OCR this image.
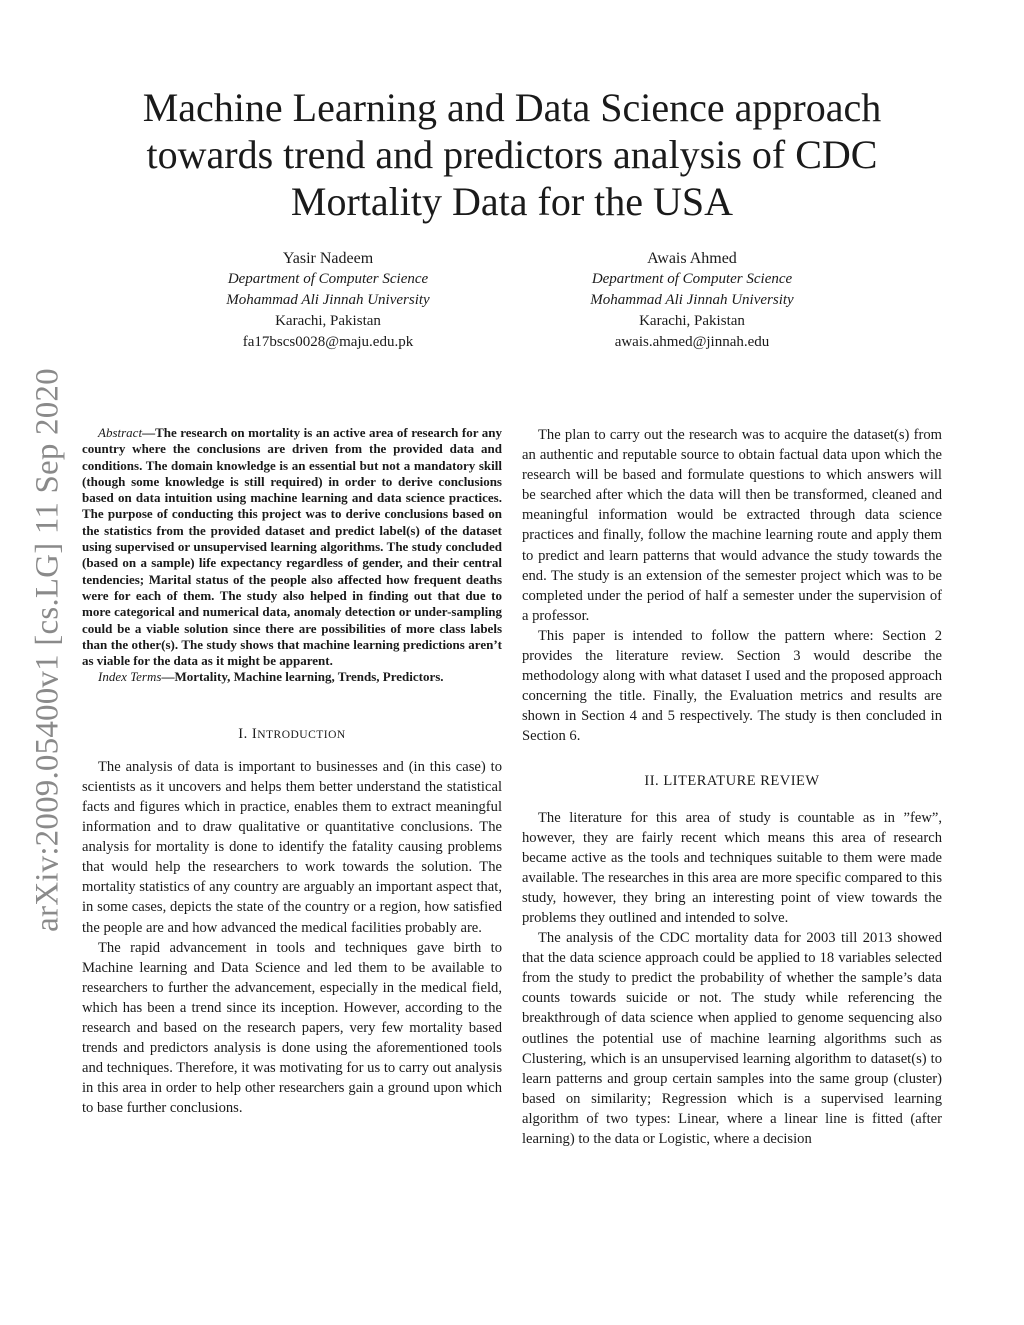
arXiv:2009.05400v1 [cs.LG] 11 Sep 2020
Machine Learning and Data Science approach towards trend and predictors analysis of CDC Mortality Data for the USA
Yasir Nadeem
Department of Computer Science
Mohammad Ali Jinnah University
Karachi, Pakistan
fa17bscs0028@maju.edu.pk
Awais Ahmed
Department of Computer Science
Mohammad Ali Jinnah University
Karachi, Pakistan
awais.ahmed@jinnah.edu

Abstract—The research on mortality is an active area of research for any country where the conclusions are driven from the provided data and conditions. The domain knowledge is an essential but not a mandatory skill (though some knowledge is still required) in order to derive conclusions based on data intuition using machine learning and data science practices. The purpose of conducting this project was to derive conclusions based on the statistics from the provided dataset and predict label(s) of the dataset using supervised or unsupervised learning algorithms. The study concluded (based on a sample) life expectancy regardless of gender, and their central tendencies; Marital status of the people also affected how frequent deaths were for each of them. The study also helped in finding out that due to more categorical and numerical data, anomaly detection or under-sampling could be a viable solution since there are possibilities of more class labels than the other(s). The study shows that machine learning predictions aren’t as viable for the data as it might be apparent.

Index Terms—Mortality, Machine learning, Trends, Predictors.

I. INTRODUCTION

The analysis of data is important to businesses and (in this case) to scientists as it uncovers and helps them better understand the statistical facts and figures which in practice, enables them to extract meaningful information and to draw qualitative or quantitative conclusions. The analysis for mortality is done to identify the fatality causing problems that would help the researchers to work towards the solution. The mortality statistics of any country are arguably an important aspect that, in some cases, depicts the state of the country or a region, how satisfied the people are and how advanced the medical facilities probably are.

The rapid advancement in tools and techniques gave birth to Machine learning and Data Science and led them to be available to researchers to further the advancement, especially in the medical field, which has been a trend since its inception. However, according to the research and based on the research papers, very few mortality based trends and predictors analysis is done using the aforementioned tools and techniques. Therefore, it was motivating for us to carry out analysis in this area in order to help other researchers gain a ground upon which to base further conclusions.

The plan to carry out the research was to acquire the dataset(s) from an authentic and reputable source to obtain factual data upon which the research will be based and formulate questions to which answers will be searched after which the data will then be transformed, cleaned and meaningful information would be extracted through data science practices and finally, follow the machine learning route and apply them to predict and learn patterns that would advance the study towards the end. The study is an extension of the semester project which was to be completed under the period of half a semester under the supervision of a professor.

This paper is intended to follow the pattern where: Section 2 provides the literature review. Section 3 would describe the methodology along with what dataset I used and the proposed approach concerning the title. Finally, the Evaluation metrics and results are shown in Section 4 and 5 respectively. The study is then concluded in Section 6.

II. LITERATURE REVIEW

The literature for this area of study is countable as in ”few”, however, they are fairly recent which means this area of research became active as the tools and techniques suitable to them were made available. The researches in this area are more specific compared to this study, however, they bring an interesting point of view towards the problems they outlined and intended to solve.

The analysis of the CDC mortality data for 2003 till 2013 showed that the data science approach could be applied to 18 variables selected from the study to predict the probability of whether the sample’s data counts towards suicide or not. The study while referencing the breakthrough of data science when applied to genome sequencing also outlines the potential use of machine learning algorithms such as Clustering, which is an unsupervised learning algorithm to dataset(s) to learn patterns and group certain samples into the same group (cluster) based on similarity; Regression which is a supervised learning algorithm of two types: Linear, where a linear line is fitted (after learning) to the data or Logistic, where a decision
